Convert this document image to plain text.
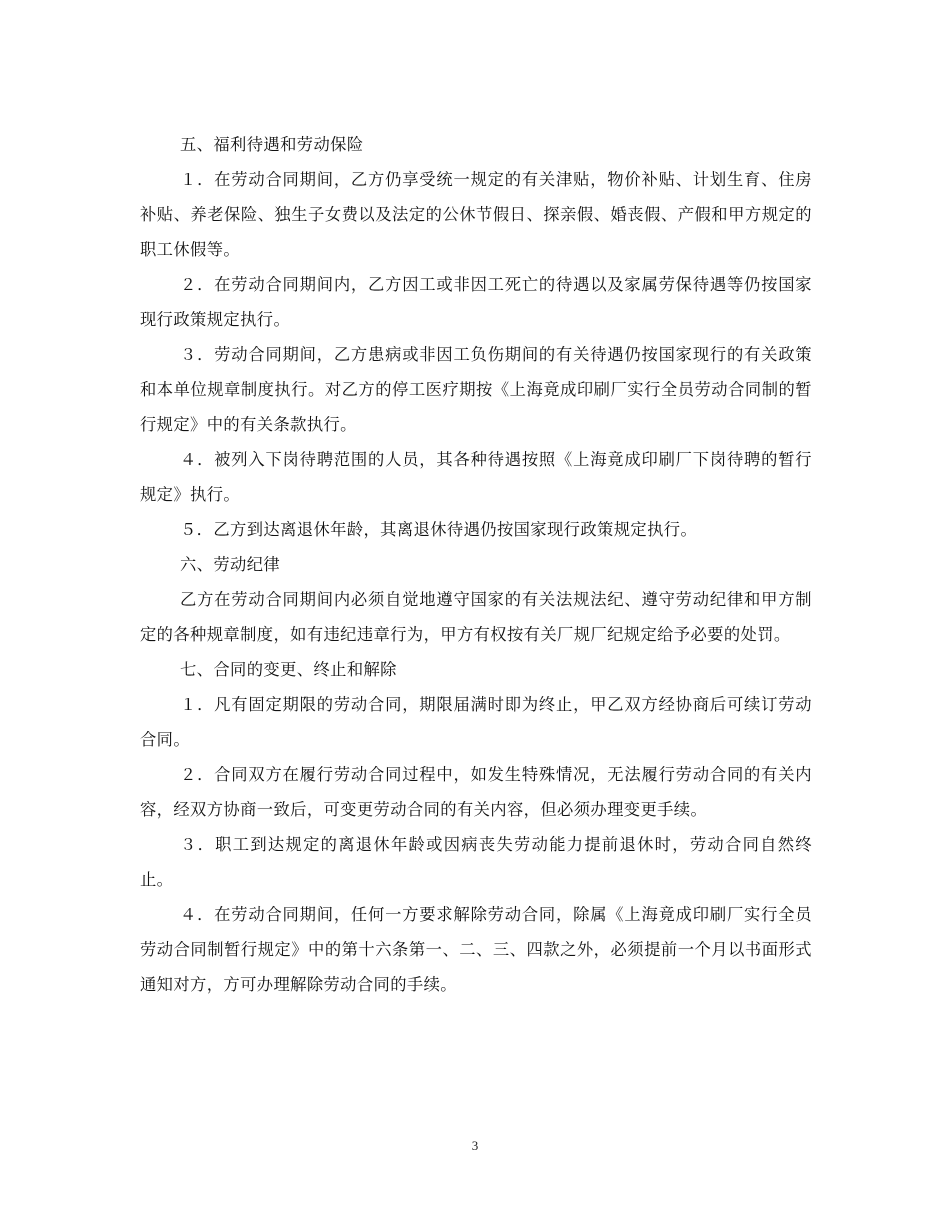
五、福利待遇和劳动保险

１．在劳动合同期间，乙方仍享受统一规定的有关津贴，物价补贴、计划生育、住房补贴、养老保险、独生子女费以及法定的公休节假日、探亲假、婚丧假、产假和甲方规定的职工休假等。

２．在劳动合同期间内，乙方因工或非因工死亡的待遇以及家属劳保待遇等仍按国家现行政策规定执行。

３．劳动合同期间，乙方患病或非因工负伤期间的有关待遇仍按国家现行的有关政策和本单位规章制度执行。对乙方的停工医疗期按《上海竟成印刷厂实行全员劳动合同制的暂行规定》中的有关条款执行。

４．被列入下岗待聘范围的人员，其各种待遇按照《上海竟成印刷厂下岗待聘的暂行规定》执行。

５．乙方到达离退休年龄，其离退休待遇仍按国家现行政策规定执行。

六、劳动纪律

乙方在劳动合同期间内必须自觉地遵守国家的有关法规法纪、遵守劳动纪律和甲方制定的各种规章制度，如有违纪违章行为，甲方有权按有关厂规厂纪规定给予必要的处罚。

七、合同的变更、终止和解除

１．凡有固定期限的劳动合同，期限届满时即为终止，甲乙双方经协商后可续订劳动合同。

２．合同双方在履行劳动合同过程中，如发生特殊情况，无法履行劳动合同的有关内容，经双方协商一致后，可变更劳动合同的有关内容，但必须办理变更手续。

３．职工到达规定的离退休年龄或因病丧失劳动能力提前退休时，劳动合同自然终止。

４．在劳动合同期间，任何一方要求解除劳动合同，除属《上海竟成印刷厂实行全员劳动合同制暂行规定》中的第十六条第一、二、三、四款之外，必须提前一个月以书面形式通知对方，方可办理解除劳动合同的手续。

3
